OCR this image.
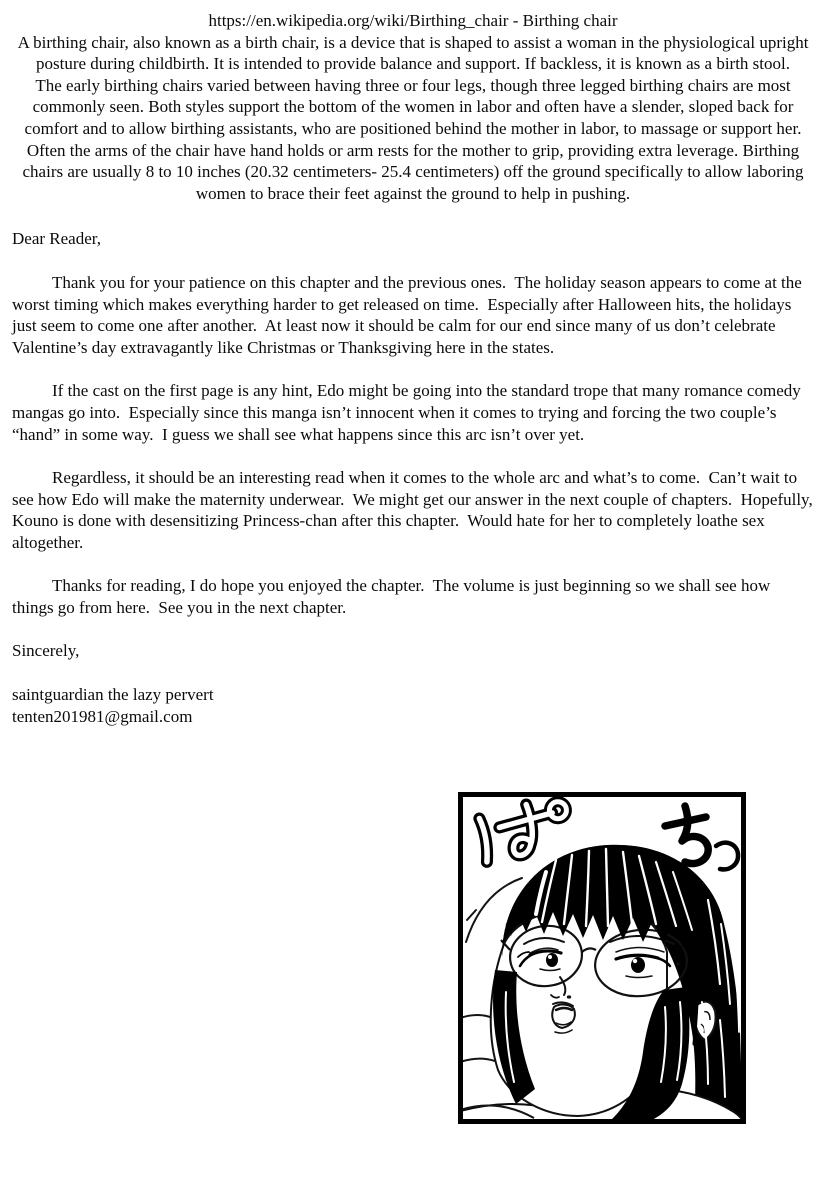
https://en.wikipedia.org/wiki/Birthing_chair - Birthing chair

A birthing chair, also known as a birth chair, is a device that is shaped to assist a woman in the physiological upright posture during childbirth. It is intended to provide balance and support. If backless, it is known as a birth stool.

The early birthing chairs varied between having three or four legs, though three legged birthing chairs are most commonly seen. Both styles support the bottom of the women in labor and often have a slender, sloped back for comfort and to allow birthing assistants, who are positioned behind the mother in labor, to massage or support her. Often the arms of the chair have hand holds or arm rests for the mother to grip, providing extra leverage. Birthing chairs are usually 8 to 10 inches (20.32 centimeters- 25.4 centimeters) off the ground specifically to allow laboring women to brace their feet against the ground to help in pushing.

Dear Reader,

Thank you for your patience on this chapter and the previous ones.  The holiday season appears to come at the worst timing which makes everything harder to get released on time.  Especially after Halloween hits, the holidays just seem to come one after another.  At least now it should be calm for our end since many of us don’t celebrate Valentine’s day extravagantly like Christmas or Thanksgiving here in the states.

If the cast on the first page is any hint, Edo might be going into the standard trope that many romance comedy mangas go into.  Especially since this manga isn’t innocent when it comes to trying and forcing the two couple’s “hand” in some way.  I guess we shall see what happens since this arc isn’t over yet.

Regardless, it should be an interesting read when it comes to the whole arc and what’s to come.  Can’t wait to see how Edo will make the maternity underwear.  We might get our answer in the next couple of chapters.  Hopefully, Kouno is done with desensitizing Princess-chan after this chapter.  Would hate for her to completely loathe sex altogether.

Thanks for reading, I do hope you enjoyed the chapter.  The volume is just beginning so we shall see how things go from here.  See you in the next chapter.

Sincerely,

saintguardian the lazy pervert
tenten201981@gmail.com
